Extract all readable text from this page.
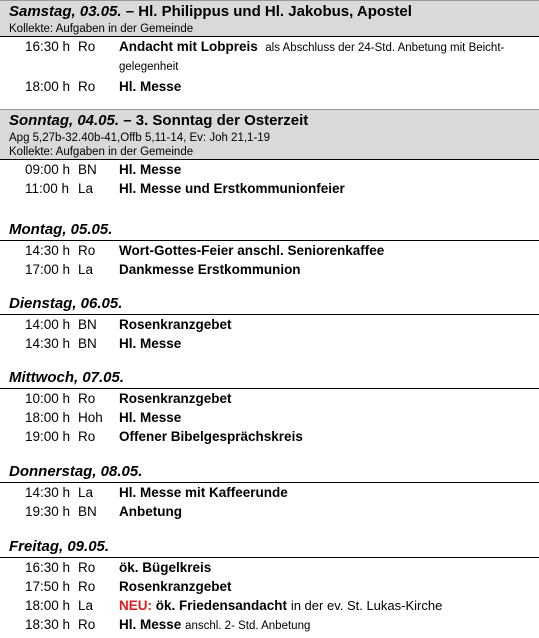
Samstag, 03.05. – Hl. Philippus und Hl. Jakobus, Apostel
Kollekte: Aufgaben in der Gemeinde
16:30 h Ro Andacht mit Lobpreis als Abschluss der 24-Std. Anbetung mit Beicht-gelegenheit
18:00 h Ro Hl. Messe
Sonntag, 04.05. – 3. Sonntag der Osterzeit
Apg 5,27b-32.40b-41,Offb 5,11-14, Ev: Joh 21,1-19
Kollekte: Aufgaben in der Gemeinde
09:00 h BN Hl. Messe
11:00 h La Hl. Messe und Erstkommunionfeier
Montag, 05.05.
14:30 h Ro Wort-Gottes-Feier anschl. Seniorenkaffee
17:00 h La Dankmesse Erstkommunion
Dienstag, 06.05.
14:00 h BN Rosenkranzgebet
14:30 h BN Hl. Messe
Mittwoch, 07.05.
10:00 h Ro Rosenkranzgebet
18:00 h Hoh Hl. Messe
19:00 h Ro Offener Bibelgesprächskreis
Donnerstag, 08.05.
14:30 h La Hl. Messe mit Kaffeerunde
19:30 h BN Anbetung
Freitag, 09.05.
16:30 h Ro ök. Bügelkreis
17:50 h Ro Rosenkranzgebet
18:00 h La NEU: ök. Friedensandacht in der ev. St. Lukas-Kirche
18:30 h Ro Hl. Messe anschl. 2- Std. Anbetung
